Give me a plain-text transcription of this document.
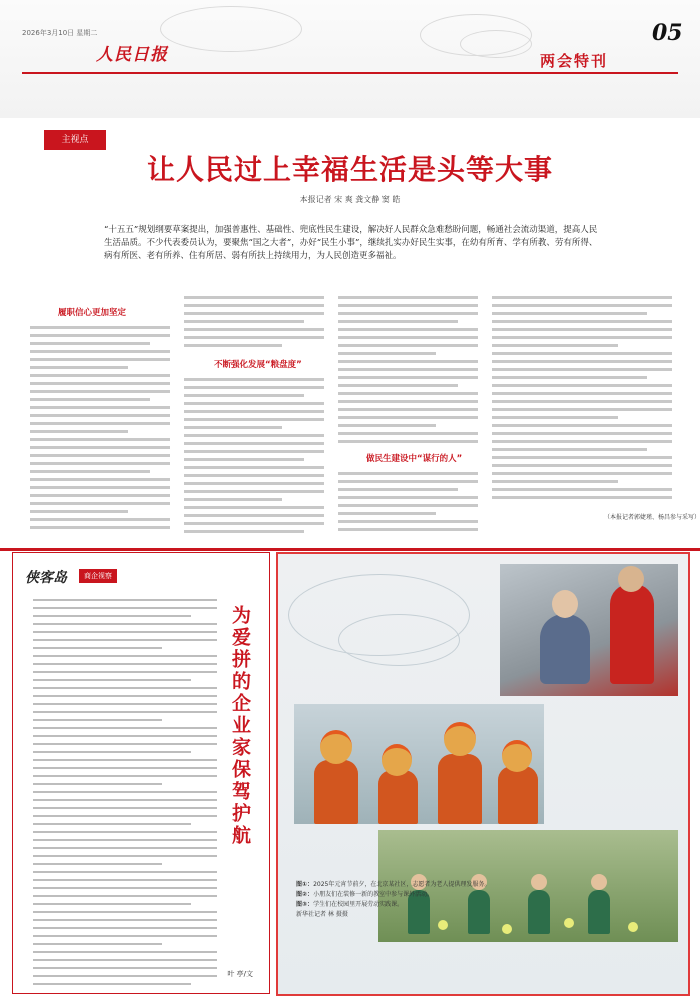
2026年3月10日 星期二
人民日报
05
两会特刊
主视点
让人民过上幸福生活是头等大事
本报记者 宋 爽 龚文静 窦 皓
“十五五”规划纲要草案提出，加强普惠性、基础性、兜底性民生建设，解决好人民群众急难愁盼问题，畅通社会流动渠道，提高人民生活品质。不少代表委员认为，要聚焦“国之大者”，办好“民生小事”，继续扎实办好民生实事，在幼有所育、学有所教、劳有所得、病有所医、老有所养、住有所居、弱有所扶上持续用力，为人民创造更多福祉。
履职信心更加坚定
不断强化发展“粮盘度”
做民生建设中“谋行的人”
（本报记者郭婕瑾、杨昌参与采写）
侠客岛	商企视察
为爱拼的企业家保驾护航
叶 亭/文
图①：2025年元宵节前夕，在北京某社区，志愿者为老人提供理发服务。
图②：小朋友们在装修一新的教室中参与课外活动。
图③：学生们在校园里开展劳动实践课。
新华社记者 林 摄摄
